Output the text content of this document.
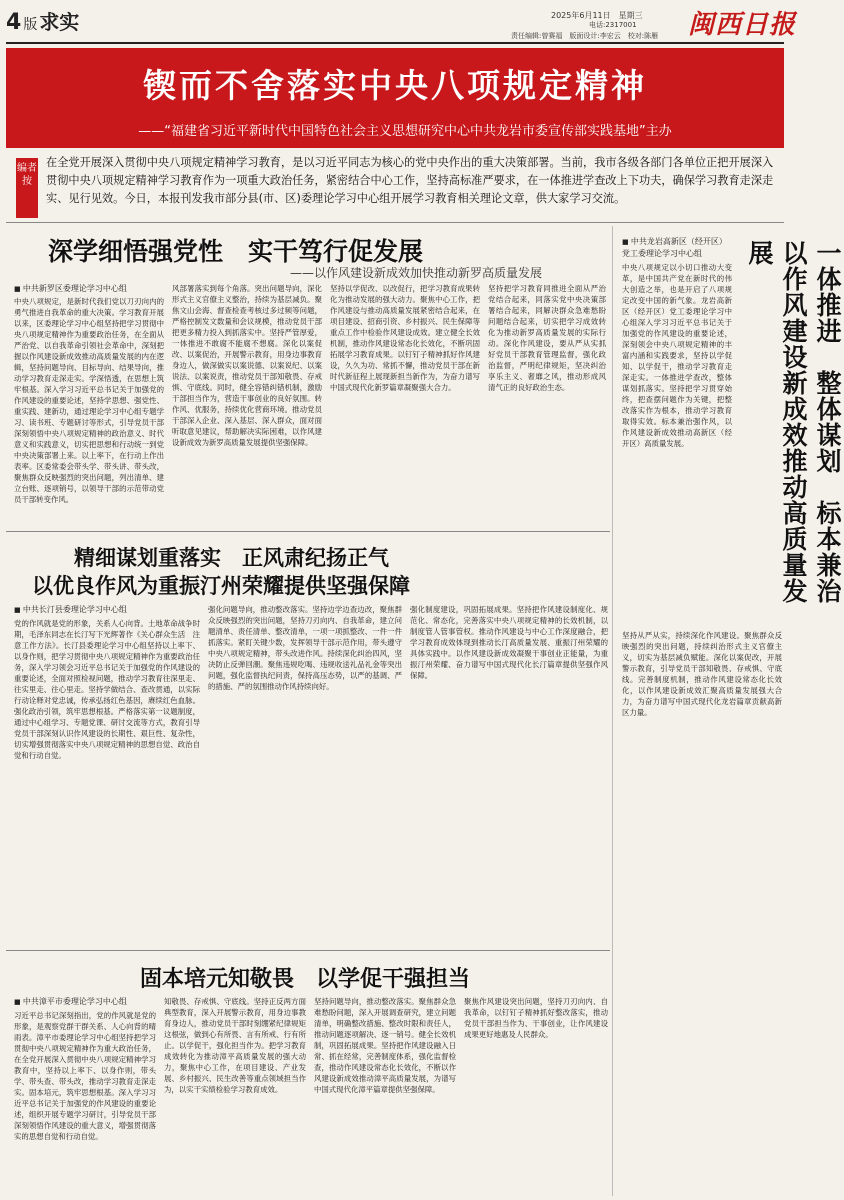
4 版 求实	2025年6月11日　星期三
电话:2317001
责任编辑:曾赛福　版面设计:李宏云　校对:陈雁 闽西日报
锲而不舍落实中央八项规定精神
——“福建省习近平新时代中国特色社会主义思想研究中心中共龙岩市委宣传部实践基地”主办
编者按
在全党开展深入贯彻中央八项规定精神学习教育，是以习近平同志为核心的党中央作出的重大决策部署。当前，我市各级各部门各单位正把开展深入贯彻中央八项规定精神学习教育作为一项重大政治任务，紧密结合中心工作，坚持高标准严要求，在一体推进学查改上下功夫，确保学习教育走深走实、见行见效。今日，本报刊发我市部分县(市、区)委理论学习中心组开展学习教育相关理论文章，供大家学习交流。
深学细悟强党性　实干笃行促发展
——以作风建设新成效加快推动新罗高质量发展
■ 中共新罗区委理论学习中心组
中央八项规定，是新时代我们党以刀刃向内的勇气推进自我革命的重大决策。学习教育开展以来，区委理论学习中心组坚持把学习贯彻中央八项规定精神作为重要政治任务，在全面从严治党、以自我革命引领社会革命中，深刻把握以作风建设新成效推动高质量发展的内在逻辑，坚持问题导向、目标导向、结果导向，推动学习教育走深走实。学深悟透，在思想上筑牢根基。深入学习习近平总书记关于加强党的作风建设的重要论述，坚持学思想、强党性、重实践、建新功，通过理论学习中心组专题学习、读书班、专题研讨等形式，引导党员干部深刻领悟中央八项规定精神的政治意义、时代意义和实践意义，切实把思想和行动统一到党中央决策部署上来。以上率下，在行动上作出表率。区委常委会带头学、带头讲、带头改，聚焦群众反映强烈的突出问题，列出清单、建立台账、逐项销号，以领导干部的示范带动党员干部转变作风。
风部署落实到每个角落。突出问题导向，深化形式主义官僚主义整治，持续为基层减负。聚焦文山会海、督查检查考核过多过频等问题，严格控制发文数量和会议规模，推动党员干部把更多精力投入到抓落实中。坚持严管厚爱，一体推进不敢腐不能腐不想腐。深化以案促改、以案促治，开展警示教育，用身边事教育身边人，做深做实以案说德、以案说纪、以案说法、以案说责，推动党员干部知敬畏、存戒惧、守底线。同时，健全容错纠错机制，激励干部担当作为，营造干事创业的良好氛围。转作风、优服务，持续优化营商环境。推动党员干部深入企业、深入基层、深入群众，面对面听取意见建议，帮助解决实际困难，以作风建设新成效为新罗高质量发展提供坚强保障。
坚持以学促改、以改促行，把学习教育成果转化为推动发展的强大动力。聚焦中心工作，把作风建设与推动高质量发展紧密结合起来，在项目建设、招商引资、乡村振兴、民生保障等重点工作中检验作风建设成效。建立健全长效机制，推动作风建设常态化长效化，不断巩固拓展学习教育成果。以钉钉子精神抓好作风建设，久久为功、常抓不懈，推动党员干部在新时代新征程上展现新担当新作为，为奋力谱写中国式现代化新罗篇章凝聚强大合力。
坚持把学习教育同推进全面从严治党结合起来，同落实党中央决策部署结合起来，同解决群众急难愁盼问题结合起来，切实把学习成效转化为推动新罗高质量发展的实际行动。深化作风建设，要从严从实抓好党员干部教育管理监督，强化政治监督，严明纪律规矩，坚决纠治享乐主义、奢靡之风，推动形成风清气正的良好政治生态。
精细谋划重落实　正风肃纪扬正气
以优良作风为重振汀州荣耀提供坚强保障
■ 中共长汀县委理论学习中心组
党的作风就是党的形象，关系人心向背。土地革命战争时期，毛泽东同志在长汀写下光辉著作《关心群众生活　注意工作方法》。长汀县委理论学习中心组坚持以上率下、以身作则，把学习贯彻中央八项规定精神作为重要政治任务，深入学习领会习近平总书记关于加强党的作风建设的重要论述，全面对照检视问题，推动学习教育往深里走、往实里走、往心里走。坚持学做结合、查改贯通，以实际行动诠释对党忠诚，传承弘扬红色基因，赓续红色血脉。强化政治引领，筑牢思想根基。严格落实第一议题制度，通过中心组学习、专题党课、研讨交流等方式，教育引导党员干部深刻认识作风建设的长期性、艰巨性、复杂性，切实增强贯彻落实中央八项规定精神的思想自觉、政治自觉和行动自觉。
强化问题导向，推动整改落实。坚持边学边查边改，聚焦群众反映强烈的突出问题，坚持刀刃向内、自我革命，建立问题清单、责任清单、整改清单，一项一项抓整改、一件一件抓落实。紧盯关键少数，发挥领导干部示范作用，带头遵守中央八项规定精神，带头改进作风。持续深化纠治四风，坚决防止反弹回潮。聚焦违规吃喝、违规收送礼品礼金等突出问题，强化监督执纪问责，保持高压态势，以严的基调、严的措施、严的氛围推动作风持续向好。
强化制度建设，巩固拓展成果。坚持把作风建设制度化、规范化、常态化，完善落实中央八项规定精神的长效机制，以制度管人管事管权。推动作风建设与中心工作深度融合，把学习教育成效体现到推动长汀高质量发展、重振汀州荣耀的具体实践中。以作风建设新成效凝聚干事创业正能量，为重振汀州荣耀、奋力谱写中国式现代化长汀篇章提供坚强作风保障。
■ 中共龙岩高新区（经开区）党工委理论学习中心组
中央八项规定以小切口推动大变革，是中国共产党在新时代的伟大创造之举，也是开启了八项规定改变中国的新气象。龙岩高新区（经开区）党工委理论学习中心组深入学习习近平总书记关于加强党的作风建设的重要论述，深刻领会中央八项规定精神的丰富内涵和实践要求，坚持以学促知、以学促干，推动学习教育走深走实。一体推进学查改，整体谋划抓落实。坚持把学习贯穿始终，把查摆问题作为关键，把整改落实作为根本，推动学习教育取得实效。标本兼治强作风，以作风建设新成效推动高新区（经开区）高质量发展。	一体推进　整体谋划　标本兼治　以作风建设新成效推动高质量发展
坚持从严从实，持续深化作风建设。聚焦群众反映强烈的突出问题，持续纠治形式主义官僚主义，切实为基层减负赋能。深化以案促改，开展警示教育，引导党员干部知敬畏、存戒惧、守底线。完善制度机制，推动作风建设常态化长效化，以作风建设新成效汇聚高质量发展强大合力，为奋力谱写中国式现代化龙岩篇章贡献高新区力量。
固本培元知敬畏　以学促干强担当
■ 中共漳平市委理论学习中心组
习近平总书记深刻指出，党的作风就是党的形象，是观察党群干群关系、人心向背的晴雨表。漳平市委理论学习中心组坚持把学习贯彻中央八项规定精神作为重大政治任务，在全党开展深入贯彻中央八项规定精神学习教育中，坚持以上率下、以身作则，带头学、带头查、带头改，推动学习教育走深走实。固本培元，筑牢思想根基。深入学习习近平总书记关于加强党的作风建设的重要论述，组织开展专题学习研讨，引导党员干部深刻领悟作风建设的重大意义，增强贯彻落实的思想自觉和行动自觉。
知敬畏、存戒惧、守底线。坚持正反两方面典型教育，深入开展警示教育，用身边事教育身边人，推动党员干部时刻绷紧纪律规矩这根弦，做到心有所畏、言有所戒、行有所止。以学促干，强化担当作为。把学习教育成效转化为推动漳平高质量发展的强大动力，聚焦中心工作，在项目建设、产业发展、乡村振兴、民生改善等重点领域担当作为，以实干实绩检验学习教育成效。
坚持问题导向，推动整改落实。聚焦群众急难愁盼问题，深入开展调查研究，建立问题清单，明确整改措施、整改时限和责任人，推动问题逐项解决、逐一销号。健全长效机制，巩固拓展成果。坚持把作风建设融入日常、抓在经常，完善制度体系，强化监督检查，推动作风建设常态化长效化，不断以作风建设新成效推动漳平高质量发展，为谱写中国式现代化漳平篇章提供坚强保障。
聚焦作风建设突出问题，坚持刀刃向内、自我革命，以钉钉子精神抓好整改落实，推动党员干部担当作为、干事创业，让作风建设成果更好地惠及人民群众。
